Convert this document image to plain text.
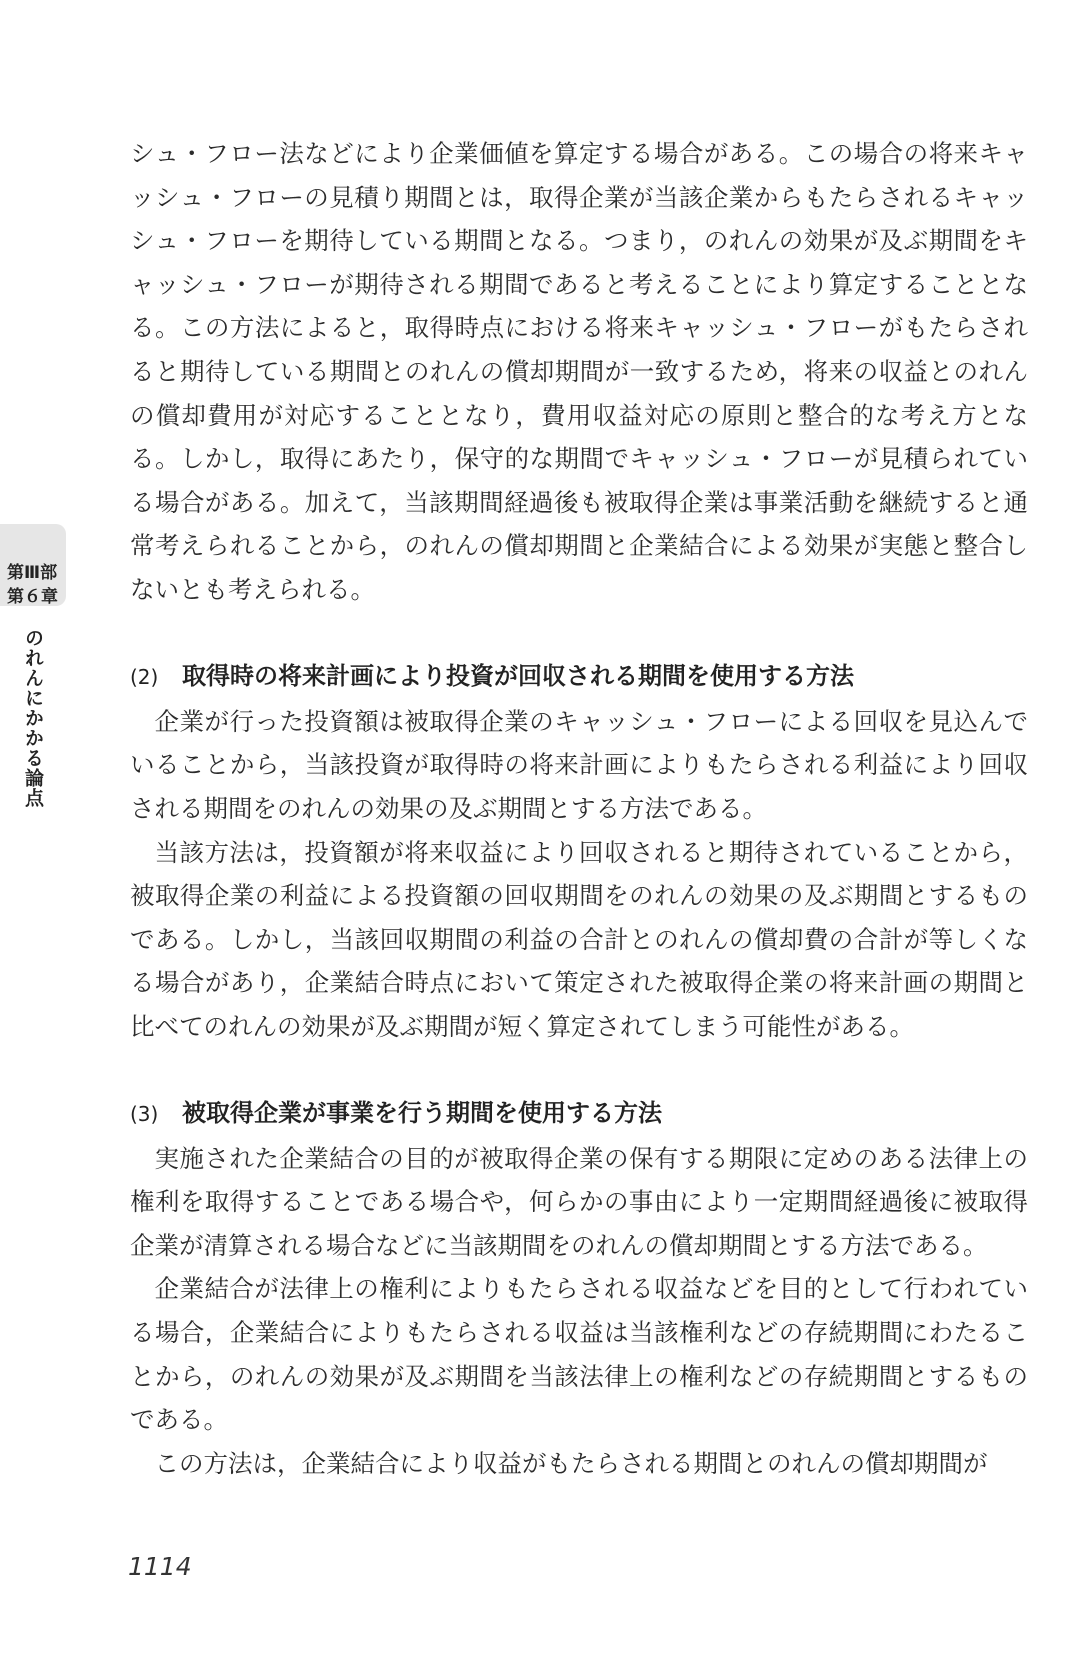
第Ⅲ部
第６章
のれんにかかる論点

シュ・フロー法などにより企業価値を算定する場合がある。この場合の将来キャッシュ・フローの見積り期間とは，取得企業が当該企業からもたらされるキャッシュ・フローを期待している期間となる。つまり，のれんの効果が及ぶ期間をキャッシュ・フローが期待される期間であると考えることにより算定することとなる。この方法によると，取得時点における将来キャッシュ・フローがもたらされると期待している期間とのれんの償却期間が一致するため，将来の収益とのれんの償却費用が対応することとなり，費用収益対応の原則と整合的な考え方となる。しかし，取得にあたり，保守的な期間でキャッシュ・フローが見積られている場合がある。加えて，当該期間経過後も被取得企業は事業活動を継続すると通常考えられることから，のれんの償却期間と企業結合による効果が実態と整合しないとも考えられる。

(2) 取得時の将来計画により投資が回収される期間を使用する方法

企業が行った投資額は被取得企業のキャッシュ・フローによる回収を見込んでいることから，当該投資が取得時の将来計画によりもたらされる利益により回収される期間をのれんの効果の及ぶ期間とする方法である。

当該方法は，投資額が将来収益により回収されると期待されていることから，被取得企業の利益による投資額の回収期間をのれんの効果の及ぶ期間とするものである。しかし，当該回収期間の利益の合計とのれんの償却費の合計が等しくなる場合があり，企業結合時点において策定された被取得企業の将来計画の期間と比べてのれんの効果が及ぶ期間が短く算定されてしまう可能性がある。

(3) 被取得企業が事業を行う期間を使用する方法

実施された企業結合の目的が被取得企業の保有する期限に定めのある法律上の権利を取得することである場合や，何らかの事由により一定期間経過後に被取得企業が清算される場合などに当該期間をのれんの償却期間とする方法である。

企業結合が法律上の権利によりもたらされる収益などを目的として行われている場合，企業結合によりもたらされる収益は当該権利などの存続期間にわたることから，のれんの効果が及ぶ期間を当該法律上の権利などの存続期間とするものである。

この方法は，企業結合により収益がもたらされる期間とのれんの償却期間が

1114
